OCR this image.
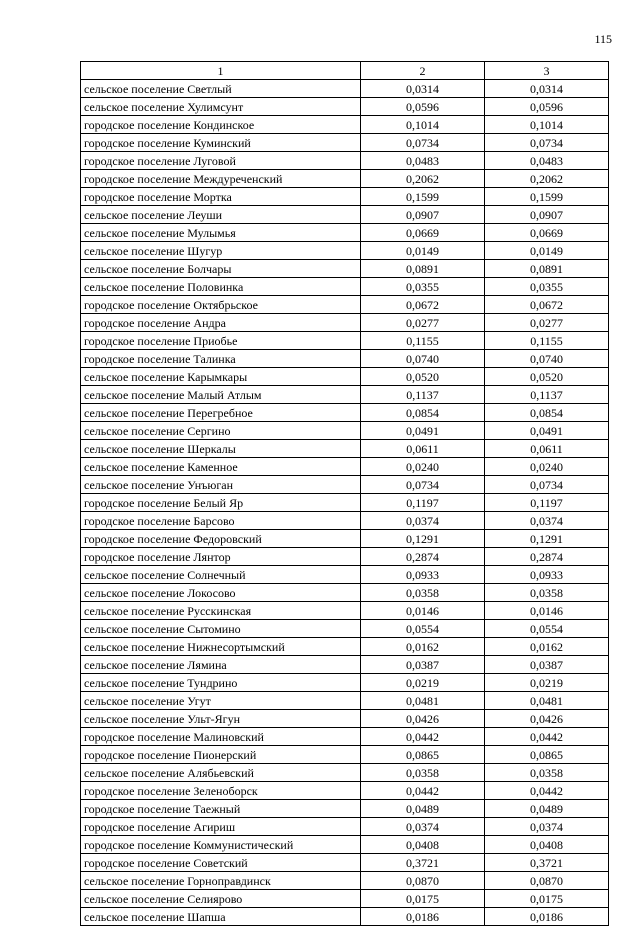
115
1	2	3
сельское поселение Светлый	0,0314	0,0314
сельское поселение Хулимсунт	0,0596	0,0596
городское поселение Кондинское	0,1014	0,1014
городское поселение Куминский	0,0734	0,0734
городское поселение Луговой	0,0483	0,0483
городское поселение Междуреченский	0,2062	0,2062
городское поселение Мортка	0,1599	0,1599
сельское поселение Леуши	0,0907	0,0907
сельское поселение Мулымья	0,0669	0,0669
сельское поселение Шугур	0,0149	0,0149
сельское поселение Болчары	0,0891	0,0891
сельское поселение Половинка	0,0355	0,0355
городское поселение Октябрьское	0,0672	0,0672
городское поселение Андра	0,0277	0,0277
городское поселение Приобье	0,1155	0,1155
городское поселение Талинка	0,0740	0,0740
сельское поселение Карымкары	0,0520	0,0520
сельское поселение Малый Атлым	0,1137	0,1137
сельское поселение Перегребное	0,0854	0,0854
сельское поселение Сергино	0,0491	0,0491
сельское поселение Шеркалы	0,0611	0,0611
сельское поселение Каменное	0,0240	0,0240
сельское поселение Унъюган	0,0734	0,0734
городское поселение Белый Яр	0,1197	0,1197
городское поселение Барсово	0,0374	0,0374
городское поселение Федоровский	0,1291	0,1291
городское поселение Лянтор	0,2874	0,2874
сельское поселение Солнечный	0,0933	0,0933
сельское поселение Локосово	0,0358	0,0358
сельское поселение Русскинская	0,0146	0,0146
сельское поселение Сытомино	0,0554	0,0554
сельское поселение Нижнесортымский	0,0162	0,0162
сельское поселение Лямина	0,0387	0,0387
сельское поселение Тундрино	0,0219	0,0219
сельское поселение Угут	0,0481	0,0481
сельское поселение Ульт-Ягун	0,0426	0,0426
городское поселение Малиновский	0,0442	0,0442
городское поселение Пионерский	0,0865	0,0865
сельское поселение Алябьевский	0,0358	0,0358
городское поселение Зеленоборск	0,0442	0,0442
городское поселение Таежный	0,0489	0,0489
городское поселение Агириш	0,0374	0,0374
городское поселение Коммунистический	0,0408	0,0408
городское поселение Советский	0,3721	0,3721
сельское поселение Горноправдинск	0,0870	0,0870
сельское поселение Селиярово	0,0175	0,0175
сельское поселение Шапша	0,0186	0,0186
